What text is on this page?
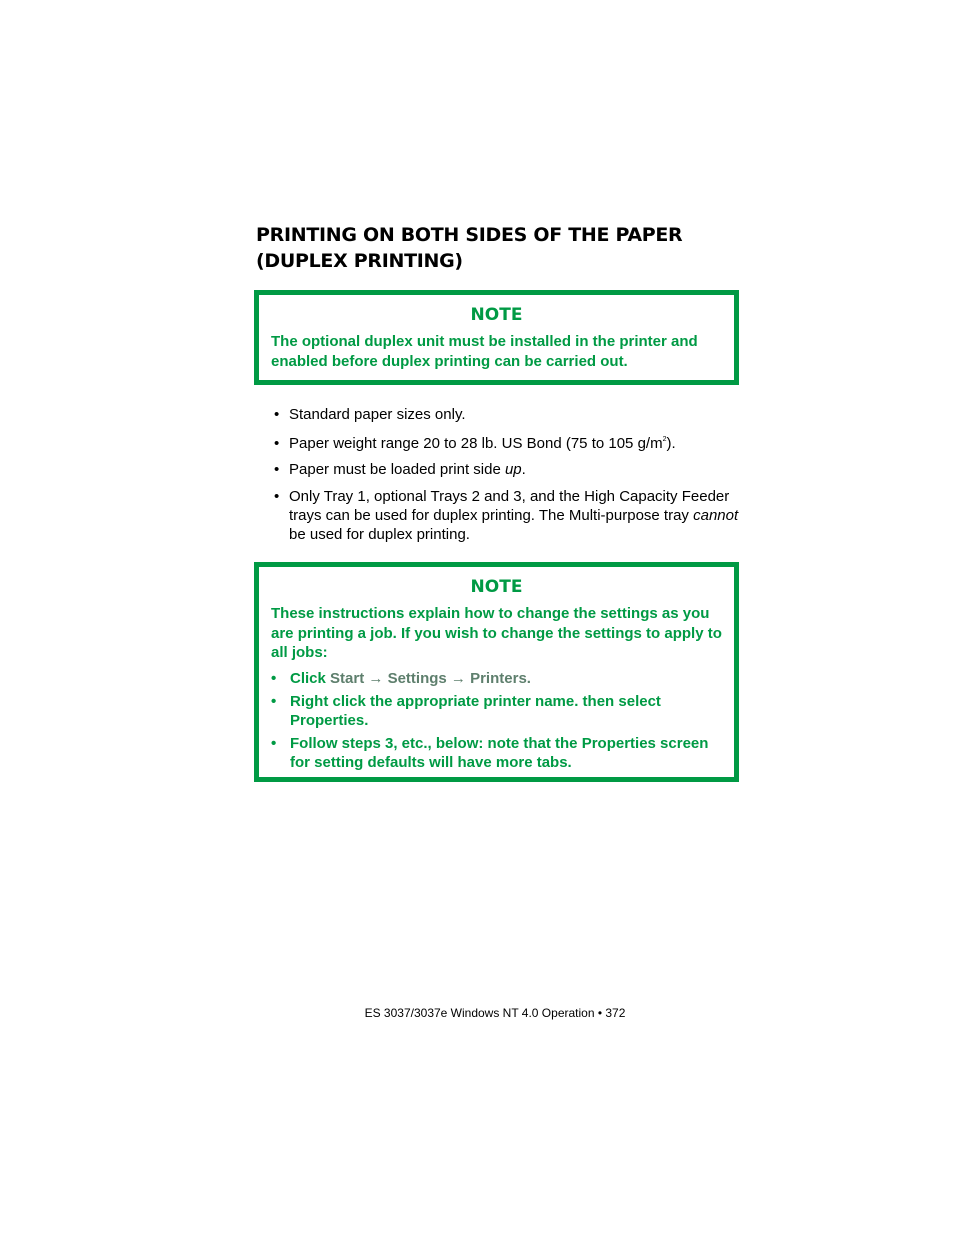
PRINTING ON BOTH SIDES OF THE PAPER
(DUPLEX PRINTING)
NOTE
The optional duplex unit must be installed in the printer and enabled before duplex printing can be carried out.
• Standard paper sizes only.
• Paper weight range 20 to 28 lb. US Bond (75 to 105 $g/m^2$).
• Paper must be loaded print side up.
• Only Tray 1, optional Trays 2 and 3, and the High Capacity Feeder trays can be used for duplex printing. The Multi-purpose tray cannot be used for duplex printing.
NOTE
These instructions explain how to change the settings as you are printing a job. If you wish to change the settings to apply to all jobs:
• Click Start → Settings → Printers.
• Right click the appropriate printer name. then select Properties.
• Follow steps 3, etc., below: note that the Properties screen for setting defaults will have more tabs.
ES 3037/3037e Windows NT 4.0 Operation • 372
